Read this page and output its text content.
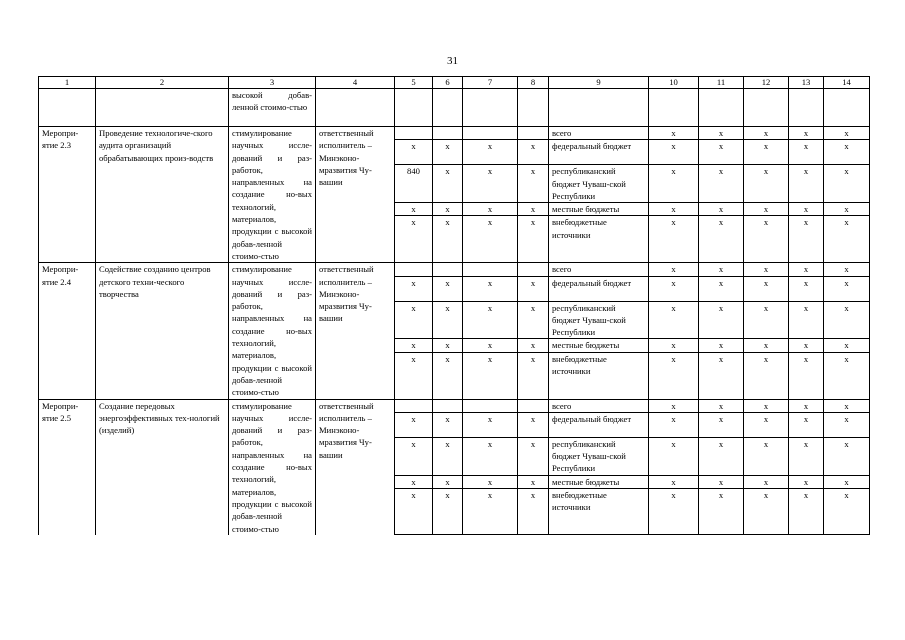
31
1	2	3	4	5	6	7	8	9	10	11	12	13	14
		высокой добав-ленной стоимо-стью											
Меропри-ятие 2.3	Проведение технологиче-ского аудита организаций обрабатывающих произ-водств	стимулирование научных иссле-дований и раз-работок, направленных на создание но-вых технологий, материалов, продукции с высокой добав-ленной стоимо-стью	ответственный исполнитель – Минэконо-мразвития Чу-вашии					всего	x	x	x	x	x
				x	x	x	x	федеральный бюджет	x	x	x	x	x
				840	x	x	x	республиканский бюджет Чуваш-ской Республики	x	x	x	x	x
				x	x	x	x	местные бюджеты	x	x	x	x	x
				x	x	x	x	внебюджетные источники	x	x	x	x	x
Меропри-ятие 2.4	Содействие созданию центров детского техни-ческого творчества	стимулирование научных иссле-дований и раз-работок, направленных на создание но-вых технологий, материалов, продукции с высокой добав-ленной стоимо-стью	ответственный исполнитель – Минэконо-мразвития Чу-вашии					всего	x	x	x	x	x
				x	x	x	x	федеральный бюджет	x	x	x	x	x
				x	x	x	x	республиканский бюджет Чуваш-ской Республики	x	x	x	x	x
				x	x	x	x	местные бюджеты	x	x	x	x	x
				x	x	x	x	внебюджетные источники	x	x	x	x	x
Меропри-ятие 2.5	Создание передовых энергоэффективных тех-нологий (изделий)	стимулирование научных иссле-дований и раз-работок, направленных на создание но-вых технологий, материалов, продукции с высокой добав-ленной стоимо-стью	ответственный исполнитель – Минэконо-мразвития Чу-вашии					всего	x	x	x	x	x
				x	x	x	x	федеральный бюджет	x	x	x	x	x
				x	x	x	x	республиканский бюджет Чуваш-ской Республики	x	x	x	x	x
				x	x	x	x	местные бюджеты	x	x	x	x	x
				x	x	x	x	внебюджетные источники	x	x	x	x	x
